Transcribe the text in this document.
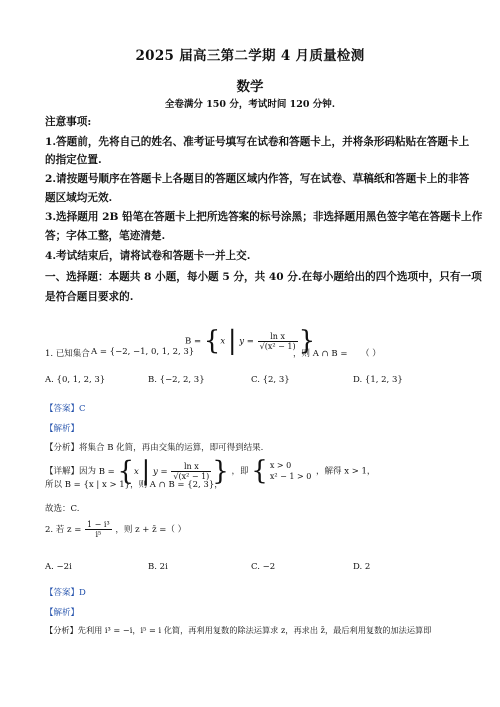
2025 届高三第二学期 4 月质量检测
数学
全卷满分 150 分，考试时间 120 分钟.
注意事项:
1.答题前，先将自己的姓名、准考证号填写在试卷和答题卡上，并将条形码粘贴在答题卡上
的指定位置.
2.请按题号顺序在答题卡上各题目的答题区域内作答，写在试卷、草稿纸和答题卡上的非答
题区域均无效.
3.选择题用 2B 铅笔在答题卡上把所选答案的标号涂黑；非选择题用黑色签字笔在答题卡上作
答；字体工整，笔迹清楚.
4.考试结束后，请将试卷和答题卡一并上交.
一、选择题：本题共 8 小题，每小题 5 分，共 40 分.在每小题给出的四个选项中，只有一项
是符合题目要求的.
1. 已知集合 A = {−2, −1, 0, 1, 2, 3}
B = {x | $y = \frac{\text{ln x}}{\text{√(x² − 1)}}$ }
，则 A ∩ B = （ ）
A. {0, 1, 2, 3}	B. {−2, 2, 3}	C. {2, 3}	D. {1, 2, 3}
【答案】C
【解析】
【分析】将集合 B 化简，再由交集的运算，即可得到结果.
【详解】因为 B = {x | $y = \frac{\text{ln x}}{\text{√(x² − 1)}}$ } ，即 { x > 0
x² − 1 > 0 ，解得 x > 1，
所以 B = {x | x > 1}，则 A ∩ B = {2, 3}，
故选：C.
2. 若 $z = \frac{\text{1 − i³}}{\text{i⁵}}$ ，则 z + z̄ =（ ）
A. −2i	B. 2i	C. −2	D. 2
【答案】D
【解析】
【分析】先利用 i³ = −i，i⁵ = i 化简，再利用复数的除法运算求 z，再求出 z̄，最后利用复数的加法运算即
